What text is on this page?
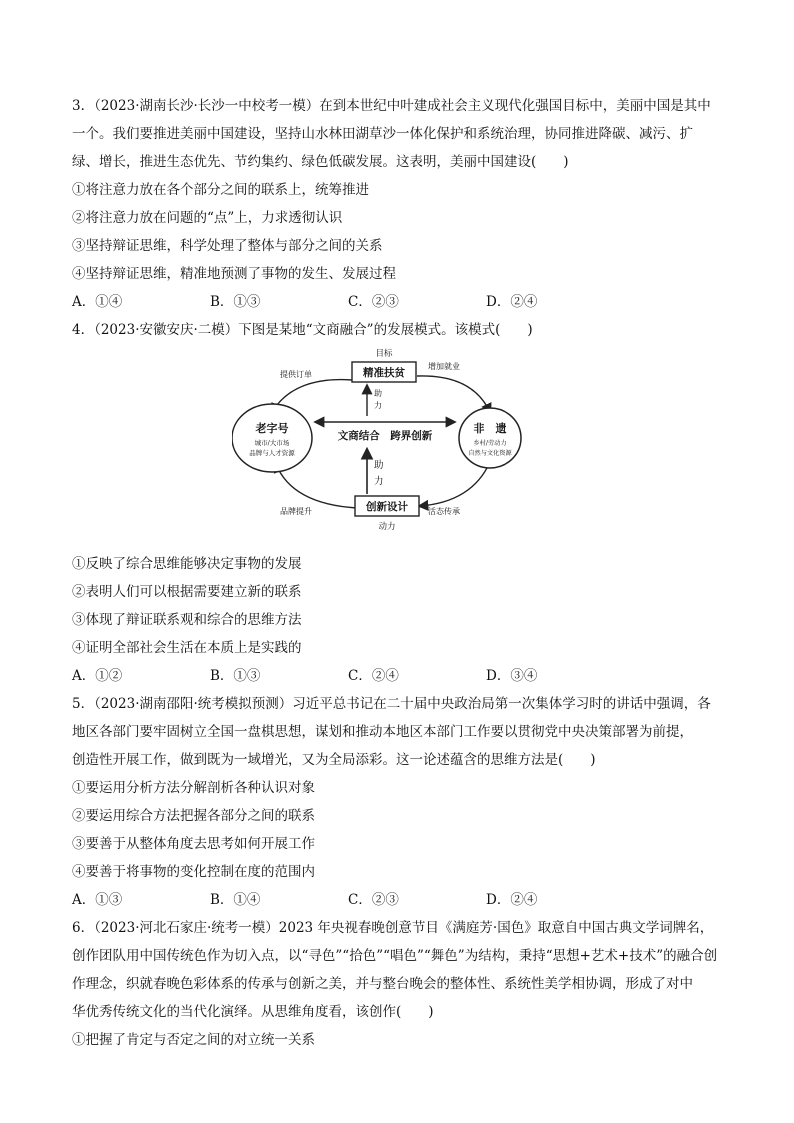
3．（2023·湖南长沙·长沙一中校考一模）在到本世纪中叶建成社会主义现代化强国目标中，美丽中国是其中
一个。我们要推进美丽中国建设，坚持山水林田湖草沙一体化保护和系统治理，协同推进降碳、减污、扩
绿、增长，推进生态优先、节约集约、绿色低碳发展。这表明，美丽中国建设(　　)
①将注意力放在各个部分之间的联系上，统筹推进
②将注意力放在问题的“点”上，力求透彻认识
③坚持辩证思维，科学处理了整体与部分之间的关系
④坚持辩证思维，精准地预测了事物的发生、发展过程
A．①④	B．①③	C．②③	D．②④
4．（2023·安徽安庆·二模）下图是某地“文商融合”的发展模式。该模式(　　)
目标
精准扶贫
助
力
文商结合　跨界创新
助
力
创新设计
动力
老字号
城市/大市场
品牌与人才资源
非　遗
乡村/劳动力
自然与文化资源
提供订单
增加就业
品牌提升	活态传承
①反映了综合思维能够决定事物的发展
②表明人们可以根据需要建立新的联系
③体现了辩证联系观和综合的思维方法
④证明全部社会生活在本质上是实践的
A．①②	B．①③	C．②④	D．③④
5．（2023·湖南邵阳·统考模拟预测）习近平总书记在二十届中央政治局第一次集体学习时的讲话中强调，各
地区各部门要牢固树立全国一盘棋思想，谋划和推动本地区本部门工作要以贯彻党中央决策部署为前提，
创造性开展工作，做到既为一域增光，又为全局添彩。这一论述蕴含的思维方法是(　　)
①要运用分析方法分解剖析各种认识对象
②要运用综合方法把握各部分之间的联系
③要善于从整体角度去思考如何开展工作
④要善于将事物的变化控制在度的范围内
A．①③	B．①④	C．②③	D．②④
6．（2023·河北石家庄·统考一模）2023 年央视春晚创意节目《满庭芳·国色》取意自中国古典文学词牌名，
创作团队用中国传统色作为切入点，以“寻色”“拾色”“唱色”“舞色”为结构，秉持“思想+艺术+技术”的融合创
作理念，织就春晚色彩体系的传承与创新之美，并与整台晚会的整体性、系统性美学相协调，形成了对中
华优秀传统文化的当代化演绎。从思维角度看，该创作(　　)
①把握了肯定与否定之间的对立统一关系
